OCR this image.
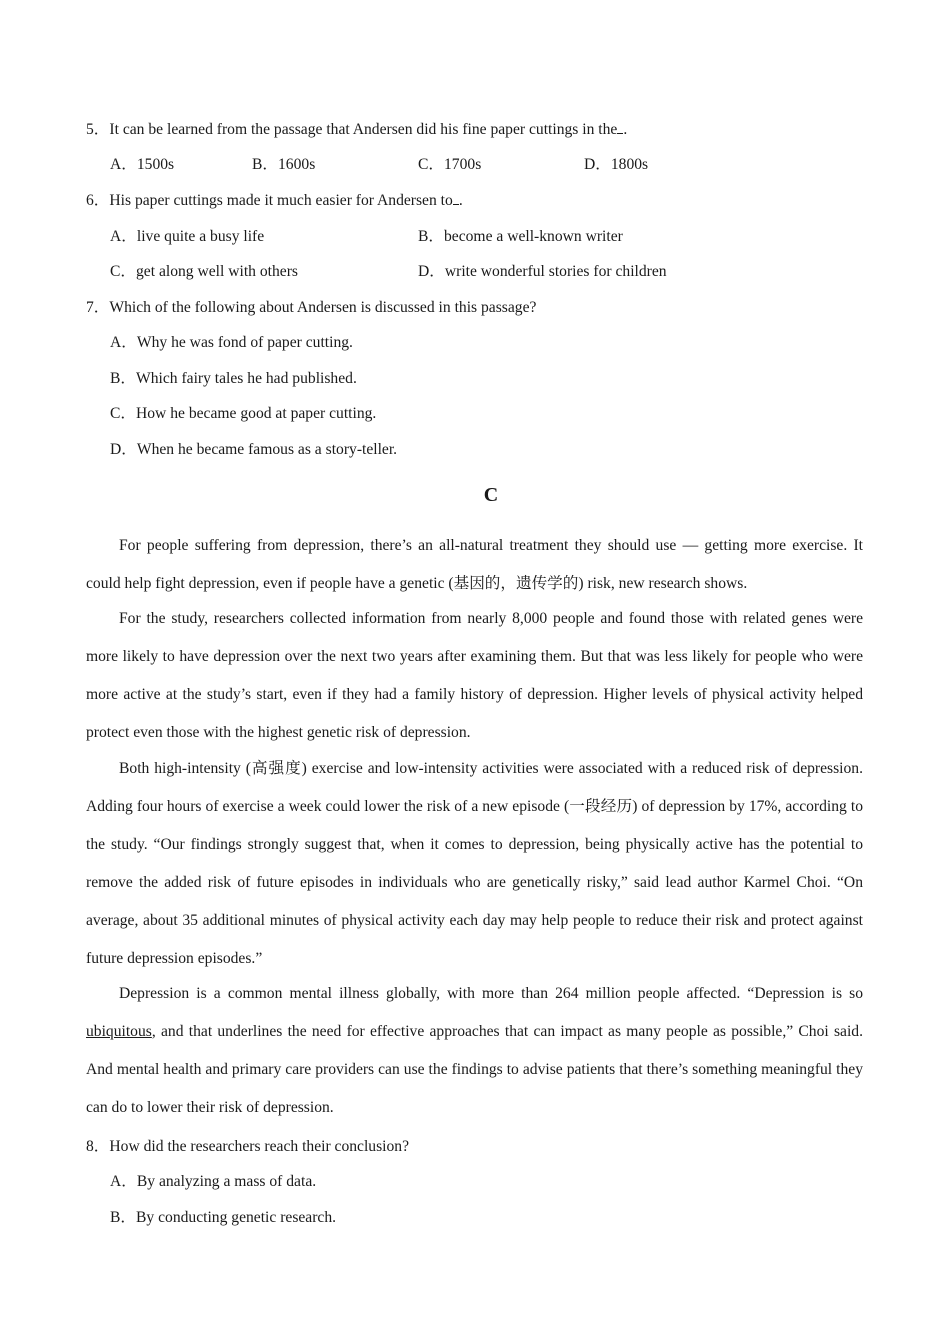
5．It can be learned from the passage that Andersen did his fine paper cuttings in the .
A．1500s	B．1600s	C．1700s	D．1800s
6．His paper cuttings made it much easier for Andersen to .
A．live quite a busy life	B．become a well-known writer
C．get along well with others	D．write wonderful stories for children
7．Which of the following about Andersen is discussed in this passage?
A．Why he was fond of paper cutting.
B．Which fairy tales he had published.
C．How he became good at paper cutting.
D．When he became famous as a story-teller.
C
For people suffering from depression, there’s an all-natural treatment they should use — getting more exercise. It could help fight depression, even if people have a genetic (基因的，遗传学的) risk, new research shows.
For the study, researchers collected information from nearly 8,000 people and found those with related genes were more likely to have depression over the next two years after examining them. But that was less likely for people who were more active at the study’s start, even if they had a family history of depression. Higher levels of physical activity helped protect even those with the highest genetic risk of depression.
Both high-intensity (高强度) exercise and low-intensity activities were associated with a reduced risk of depression. Adding four hours of exercise a week could lower the risk of a new episode (一段经历) of depression by 17%, according to the study. “Our findings strongly suggest that, when it comes to depression, being physically active has the potential to remove the added risk of future episodes in individuals who are genetically risky,” said lead author Karmel Choi. “On average, about 35 additional minutes of physical activity each day may help people to reduce their risk and protect against future depression episodes.”
Depression is a common mental illness globally, with more than 264 million people affected. “Depression is so ubiquitous, and that underlines the need for effective approaches that can impact as many people as possible,” Choi said. And mental health and primary care providers can use the findings to advise patients that there’s something meaningful they can do to lower their risk of depression.
8．How did the researchers reach their conclusion?
A．By analyzing a mass of data.
B．By conducting genetic research.
